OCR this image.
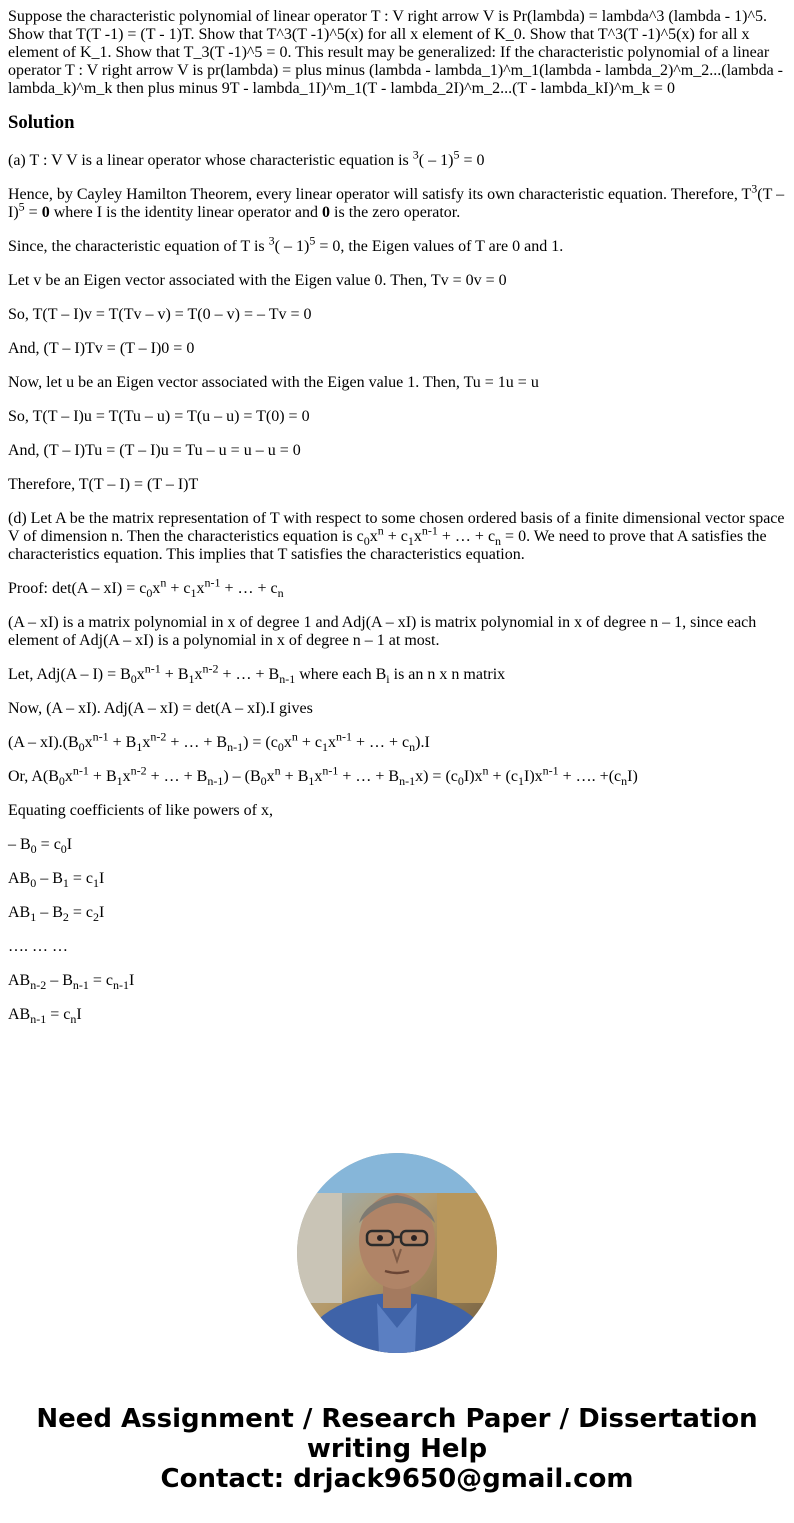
Suppose the characteristic polynomial of linear operator T : V right arrow V is Pr(lambda) = lambda^3 (lambda - 1)^5. Show that T(T -1) = (T - 1)T. Show that T^3(T -1)^5(x) for all x element of K_0. Show that T^3(T -1)^5(x) for all x element of K_1. Show that T_3(T -1)^5 = 0. This result may be generalized: If the characteristic polynomial of a linear operator T : V right arrow V is pr(lambda) = plus minus (lambda - lambda_1)^m_1(lambda - lambda_2)^m_2...(lambda - lambda_k)^m_k then plus minus 9T - lambda_1I)^m_1(T - lambda_2I)^m_2...(T - lambda_kI)^m_k = 0

Solution

(a) T : V V is a linear operator whose characteristic equation is $^3$( – 1)$^5$ = 0

Hence, by Cayley Hamilton Theorem, every linear operator will satisfy its own characteristic equation. Therefore, $T^3(T - I)^5 = 0$ where I is the identity linear operator and 0 is the zero operator.

Since, the characteristic equation of T is $^3$( – 1)$^5$ = 0, the Eigen values of T are 0 and 1.

Let v be an Eigen vector associated with the Eigen value 0. Then, Tv = 0v = 0

So, T(T – I)v = T(Tv – v) = T(0 – v) = – Tv = 0

And, (T – I)Tv = (T – I)0 = 0

Now, let u be an Eigen vector associated with the Eigen value 1. Then, Tu = 1u = u

So, T(T – I)u = T(Tu – u) = T(u – u) = T(0) = 0

And, (T – I)Tu = (T – I)u = Tu – u = u – u = 0

Therefore, T(T – I) = (T – I)T

(d) Let A be the matrix representation of T with respect to some chosen ordered basis of a finite dimensional vector space V of dimension n. Then the characteristics equation is $c_0x^n + c_1x^{n-1}$ + … + $c_n = 0$. We need to prove that A satisfies the characteristics equation. This implies that T satisfies the characteristics equation.

Proof: $\det(A - xI) = c_0x^n + c_1x^{n-1}$ + … + $c_n$

(A – xI) is a matrix polynomial in x of degree 1 and Adj(A – xI) is matrix polynomial in x of degree n – 1, since each element of Adj(A – xI) is a polynomial in x of degree n – 1 at most.

Let, $Adj(A - I) = B_0x^{n-1} + B_1x^{n-2}$ + … + $B_{n-1}$ where each $B_i$ is an n x n matrix

Now, (A – xI). Adj(A – xI) = det(A – xI).I gives

$(A - xI).(B_0x^{n-1} + B_1x^{n-2}$ + … + $B_{n-1}) = (c_0x^n + c_1x^{n-1}$ + … + $c_n).I$

Or, $A(B_0x^{n-1} + B_1x^{n-2}$ + … + $B_{n-1}) - (B_0x^n + B_1x^{n-1}$ + … + $B_{n-1}x) = (c_0I)x^n + (c_1I)x^{n-1}$ + …. $+(c_nI)$

Equating coefficients of like powers of x,

– $B_0 = c_0I$

$AB_0 - B_1 = c_1I$

$AB_1 - B_2 = c_2I$

…. … …

$AB_{n-2} - B_{n-1} = c_{n-1}I$

$AB_{n-1} = c_nI$

Need Assignment / Research Paper / Dissertation
writing Help
Contact: drjack9650@gmail.com
